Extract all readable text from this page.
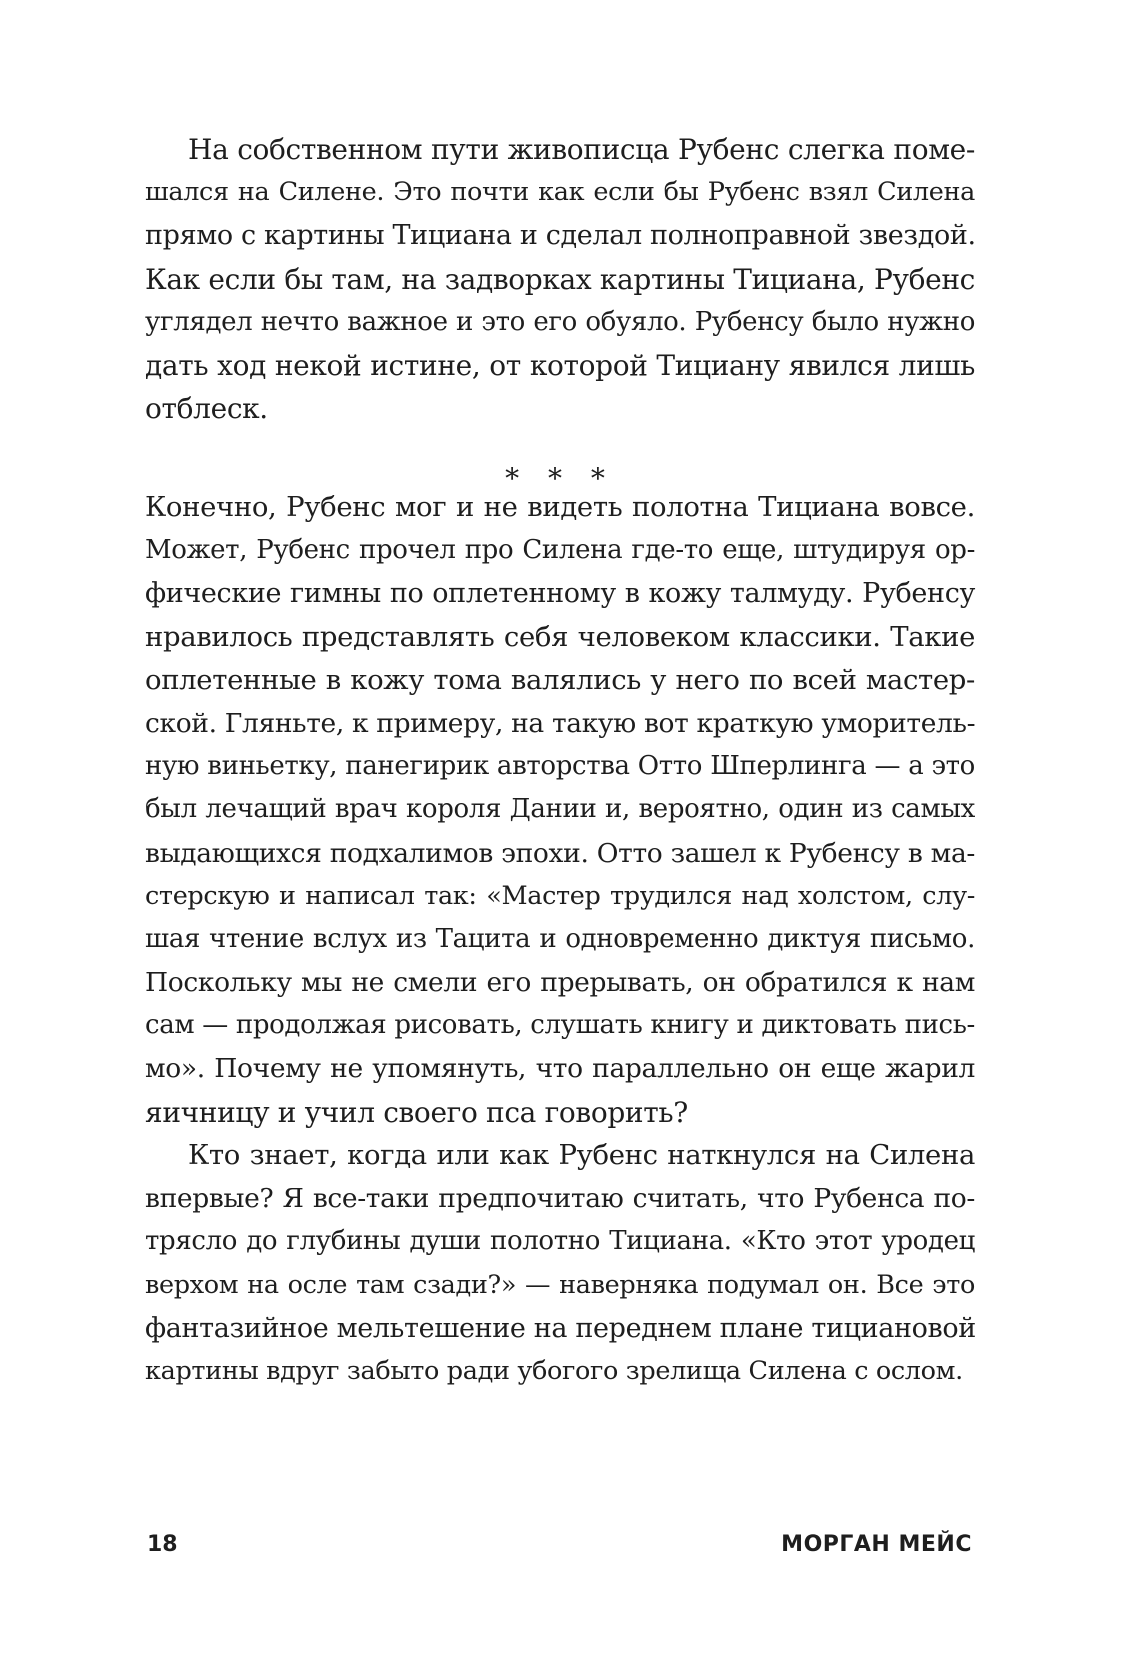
На собственном пути живописца Рубенс слегка поме-
шался на Силене. Это почти как если бы Рубенс взял Силена
прямо с картины Тициана и сделал полноправной звездой.
Как если бы там, на задворках картины Тициана, Рубенс
углядел нечто важное и это его обуяло. Рубенсу было нужно
дать ход некой истине, от которой Тициану явился лишь
отблеск.
* * *
Конечно, Рубенс мог и не видеть полотна Тициана вовсе.
Может, Рубенс прочел про Силена где-то еще, штудируя ор-
фические гимны по оплетенному в кожу талмуду. Рубенсу
нравилось представлять себя человеком классики. Такие
оплетенные в кожу тома валялись у него по всей мастер-
ской. Гляньте, к примеру, на такую вот краткую уморитель-
ную виньетку, панегирик авторства Отто Шперлинга — а это
был лечащий врач короля Дании и, вероятно, один из самых
выдающихся подхалимов эпохи. Отто зашел к Рубенсу в ма-
стерскую и написал так: «Мастер трудился над холстом, слу-
шая чтение вслух из Тацита и одновременно диктуя письмо.
Поскольку мы не смели его прерывать, он обратился к нам
сам — продолжая рисовать, слушать книгу и диктовать пись-
мо». Почему не упомянуть, что параллельно он еще жарил
яичницу и учил своего пса говорить?
Кто знает, когда или как Рубенс наткнулся на Силена
впервые? Я все-таки предпочитаю считать, что Рубенса по-
трясло до глубины души полотно Тициана. «Кто этот уродец
верхом на осле там сзади?» — наверняка подумал он. Все это
фантазийное мельтешение на переднем плане тициановой
картины вдруг забыто ради убогого зрелища Силена с ослом.
18	МОРГАН МЕЙС
